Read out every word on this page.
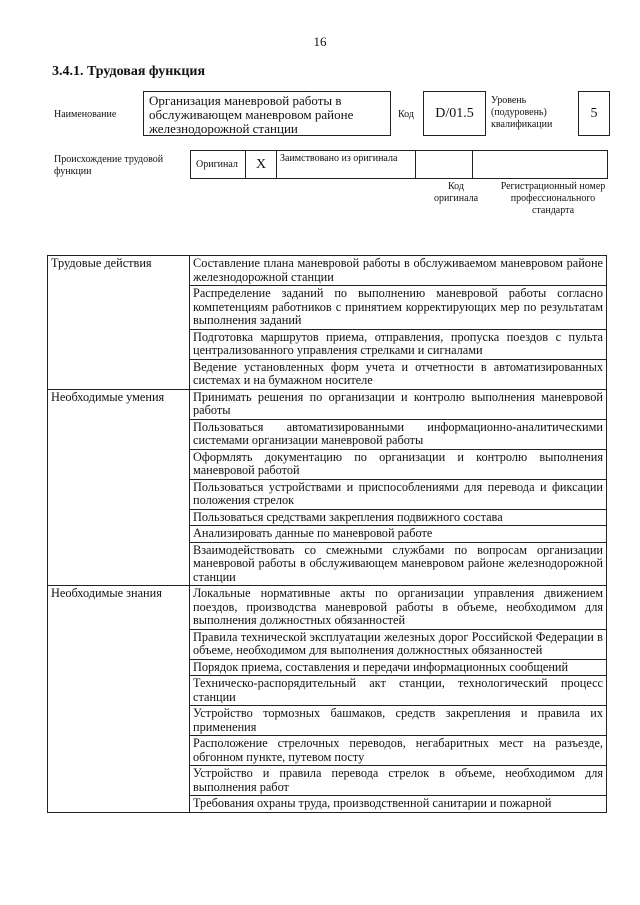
16
3.4.1. Трудовая функция
Наименование
Организация маневровой работы в обслуживающем маневровом районе железнодорожной станции
Код D/01.5
Уровень (подуровень) квалификации
5
Происхождение трудовой функции
Оригинал X	Заимствовано из оригинала
Код оригинала
Регистрационный номер профессионального стандарта
Трудовые действия	Составление плана маневровой работы в обслуживаемом маневровом районе железнодорожной станции
	Распределение заданий по выполнению маневровой работы согласно компетенциям работников с принятием корректирующих мер по результатам выполнения заданий
	Подготовка маршрутов приема, отправления, пропуска поездов с пульта централизованного управления стрелками и сигналами
	Ведение установленных форм учета и отчетности в автоматизированных системах и на бумажном носителе
Необходимые умения	Принимать решения по организации и контролю выполнения маневровой работы
	Пользоваться автоматизированными информационно-аналитическими системами организации маневровой работы
	Оформлять документацию по организации и контролю выполнения маневровой работой
	Пользоваться устройствами и приспособлениями для перевода и фиксации положения стрелок
	Пользоваться средствами закрепления подвижного состава
	Анализировать данные по маневровой работе
	Взаимодействовать со смежными службами по вопросам организации маневровой работы в обслуживающем маневровом районе железнодорожной станции
Необходимые знания	Локальные нормативные акты по организации управления движением поездов, производства маневровой работы в объеме, необходимом для выполнения должностных обязанностей
	Правила технической эксплуатации железных дорог Российской Федерации в объеме, необходимом для выполнения должностных обязанностей
	Порядок приема, составления и передачи информационных сообщений
	Техническо-распорядительный акт станции, технологический процесс станции
	Устройство тормозных башмаков, средств закрепления и правила их применения
	Расположение стрелочных переводов, негабаритных мест на разъезде, обгонном пункте, путевом посту
	Устройство и правила перевода стрелок в объеме, необходимом для выполнения работ
	Требования охраны труда, производственной санитарии и пожарной
